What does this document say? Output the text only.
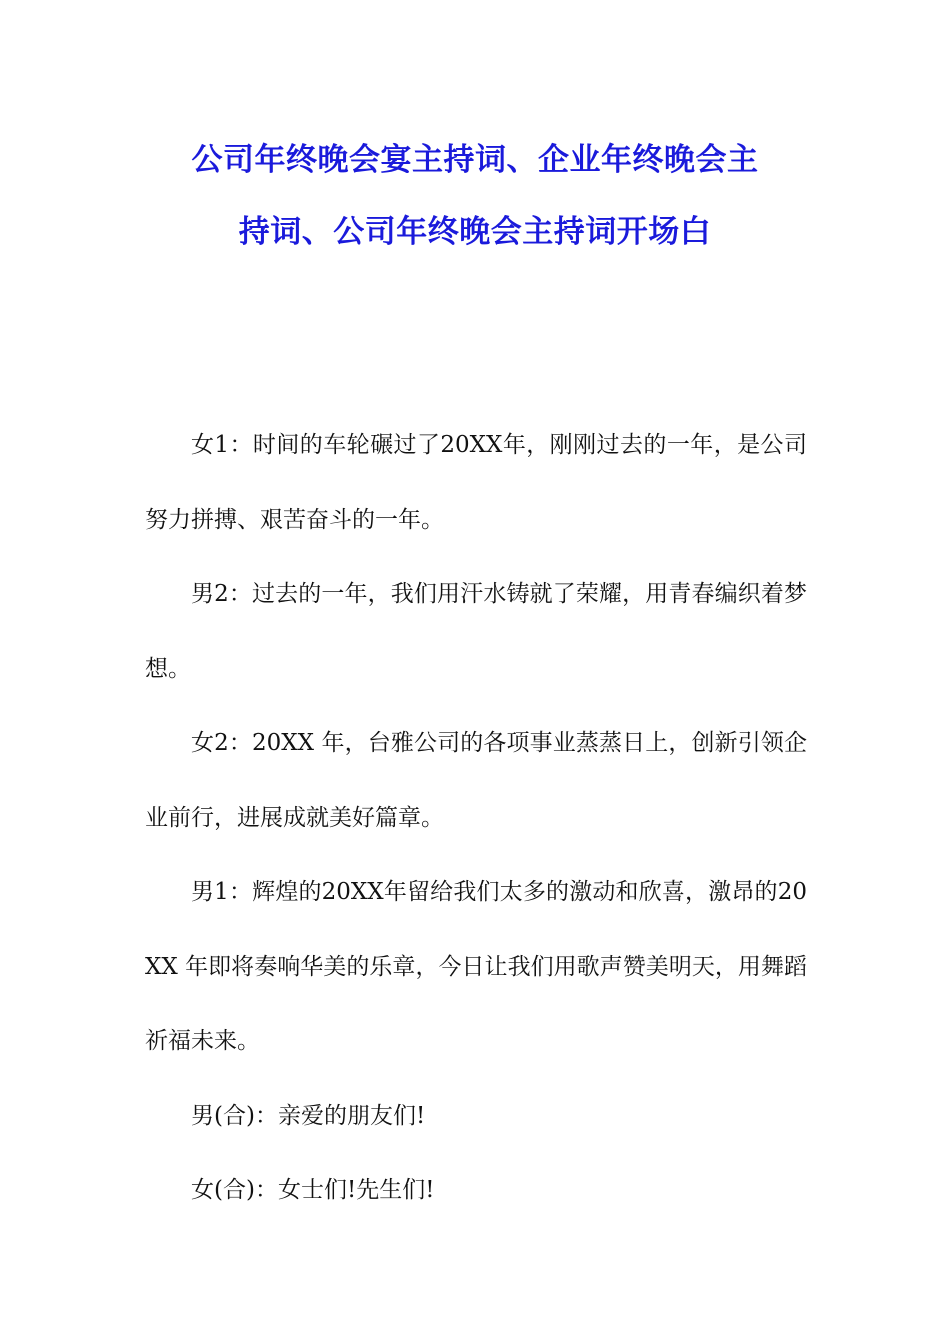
公司年终晚会宴主持词、企业年终晚会主
持词、公司年终晚会主持词开场白

女1：时间的车轮碾过了20XX年，刚刚过去的一年，是公司努力拼搏、艰苦奋斗的一年。

男2：过去的一年，我们用汗水铸就了荣耀，用青春编织着梦想。

女2：20XX 年，台雅公司的各项事业蒸蒸日上，创新引领企业前行，进展成就美好篇章。

男1：辉煌的20XX年留给我们太多的激动和欣喜，激昂的20XX 年即将奏响华美的乐章，今日让我们用歌声赞美明天，用舞蹈祈福未来。

男(合)：亲爱的朋友们!

女(合)：女士们!先生们!
